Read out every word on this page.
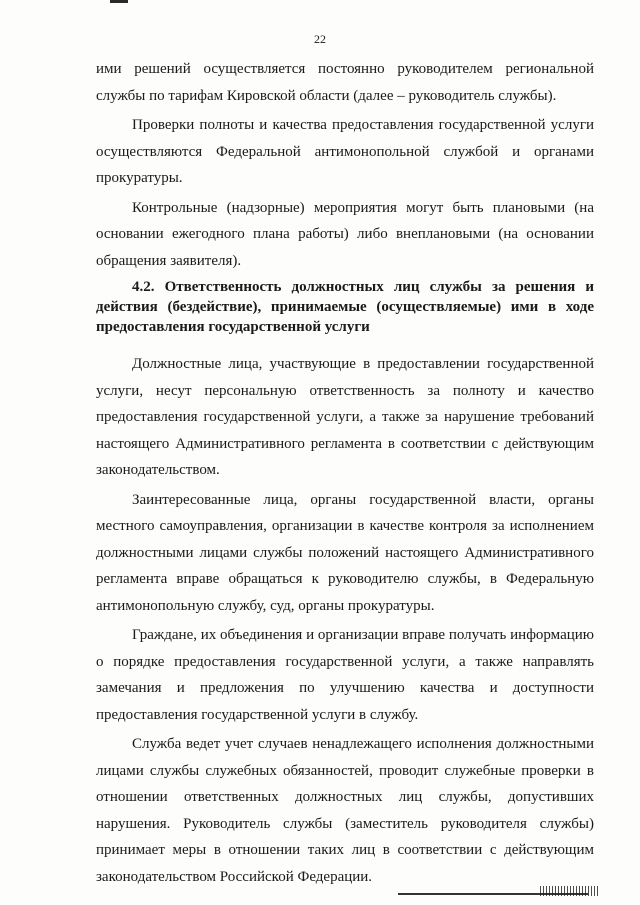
22

ими решений осуществляется постоянно руководителем региональной службы по тарифам Кировской области (далее – руководитель службы).

Проверки полноты и качества предоставления государственной услуги осуществляются Федеральной антимонопольной службой и органами прокуратуры.

Контрольные (надзорные) мероприятия могут быть плановыми (на основании ежегодного плана работы) либо внеплановыми (на основании обращения заявителя).

4.2. Ответственность должностных лиц службы за решения и действия (бездействие), принимаемые (осуществляемые) ими в ходе предоставления государственной услуги

Должностные лица, участвующие в предоставлении государственной услуги, несут персональную ответственность за полноту и качество предоставления государственной услуги, а также за нарушение требований настоящего Административного регламента в соответствии с действующим законодательством.

Заинтересованные лица, органы государственной власти, органы местного самоуправления, организации в качестве контроля за исполнением должностными лицами службы положений настоящего Административного регламента вправе обращаться к руководителю службы, в Федеральную антимонопольную службу, суд, органы прокуратуры.

Граждане, их объединения и организации вправе получать информацию о порядке предоставления государственной услуги, а также направлять замечания и предложения по улучшению качества и доступности предоставления государственной услуги в службу.

Служба ведет учет случаев ненадлежащего исполнения должностными лицами службы служебных обязанностей, проводит служебные проверки в отношении ответственных должностных лиц службы, допустивших нарушения. Руководитель службы (заместитель руководителя службы) принимает меры в отношении таких лиц в соответствии с действующим законодательством Российской Федерации.
